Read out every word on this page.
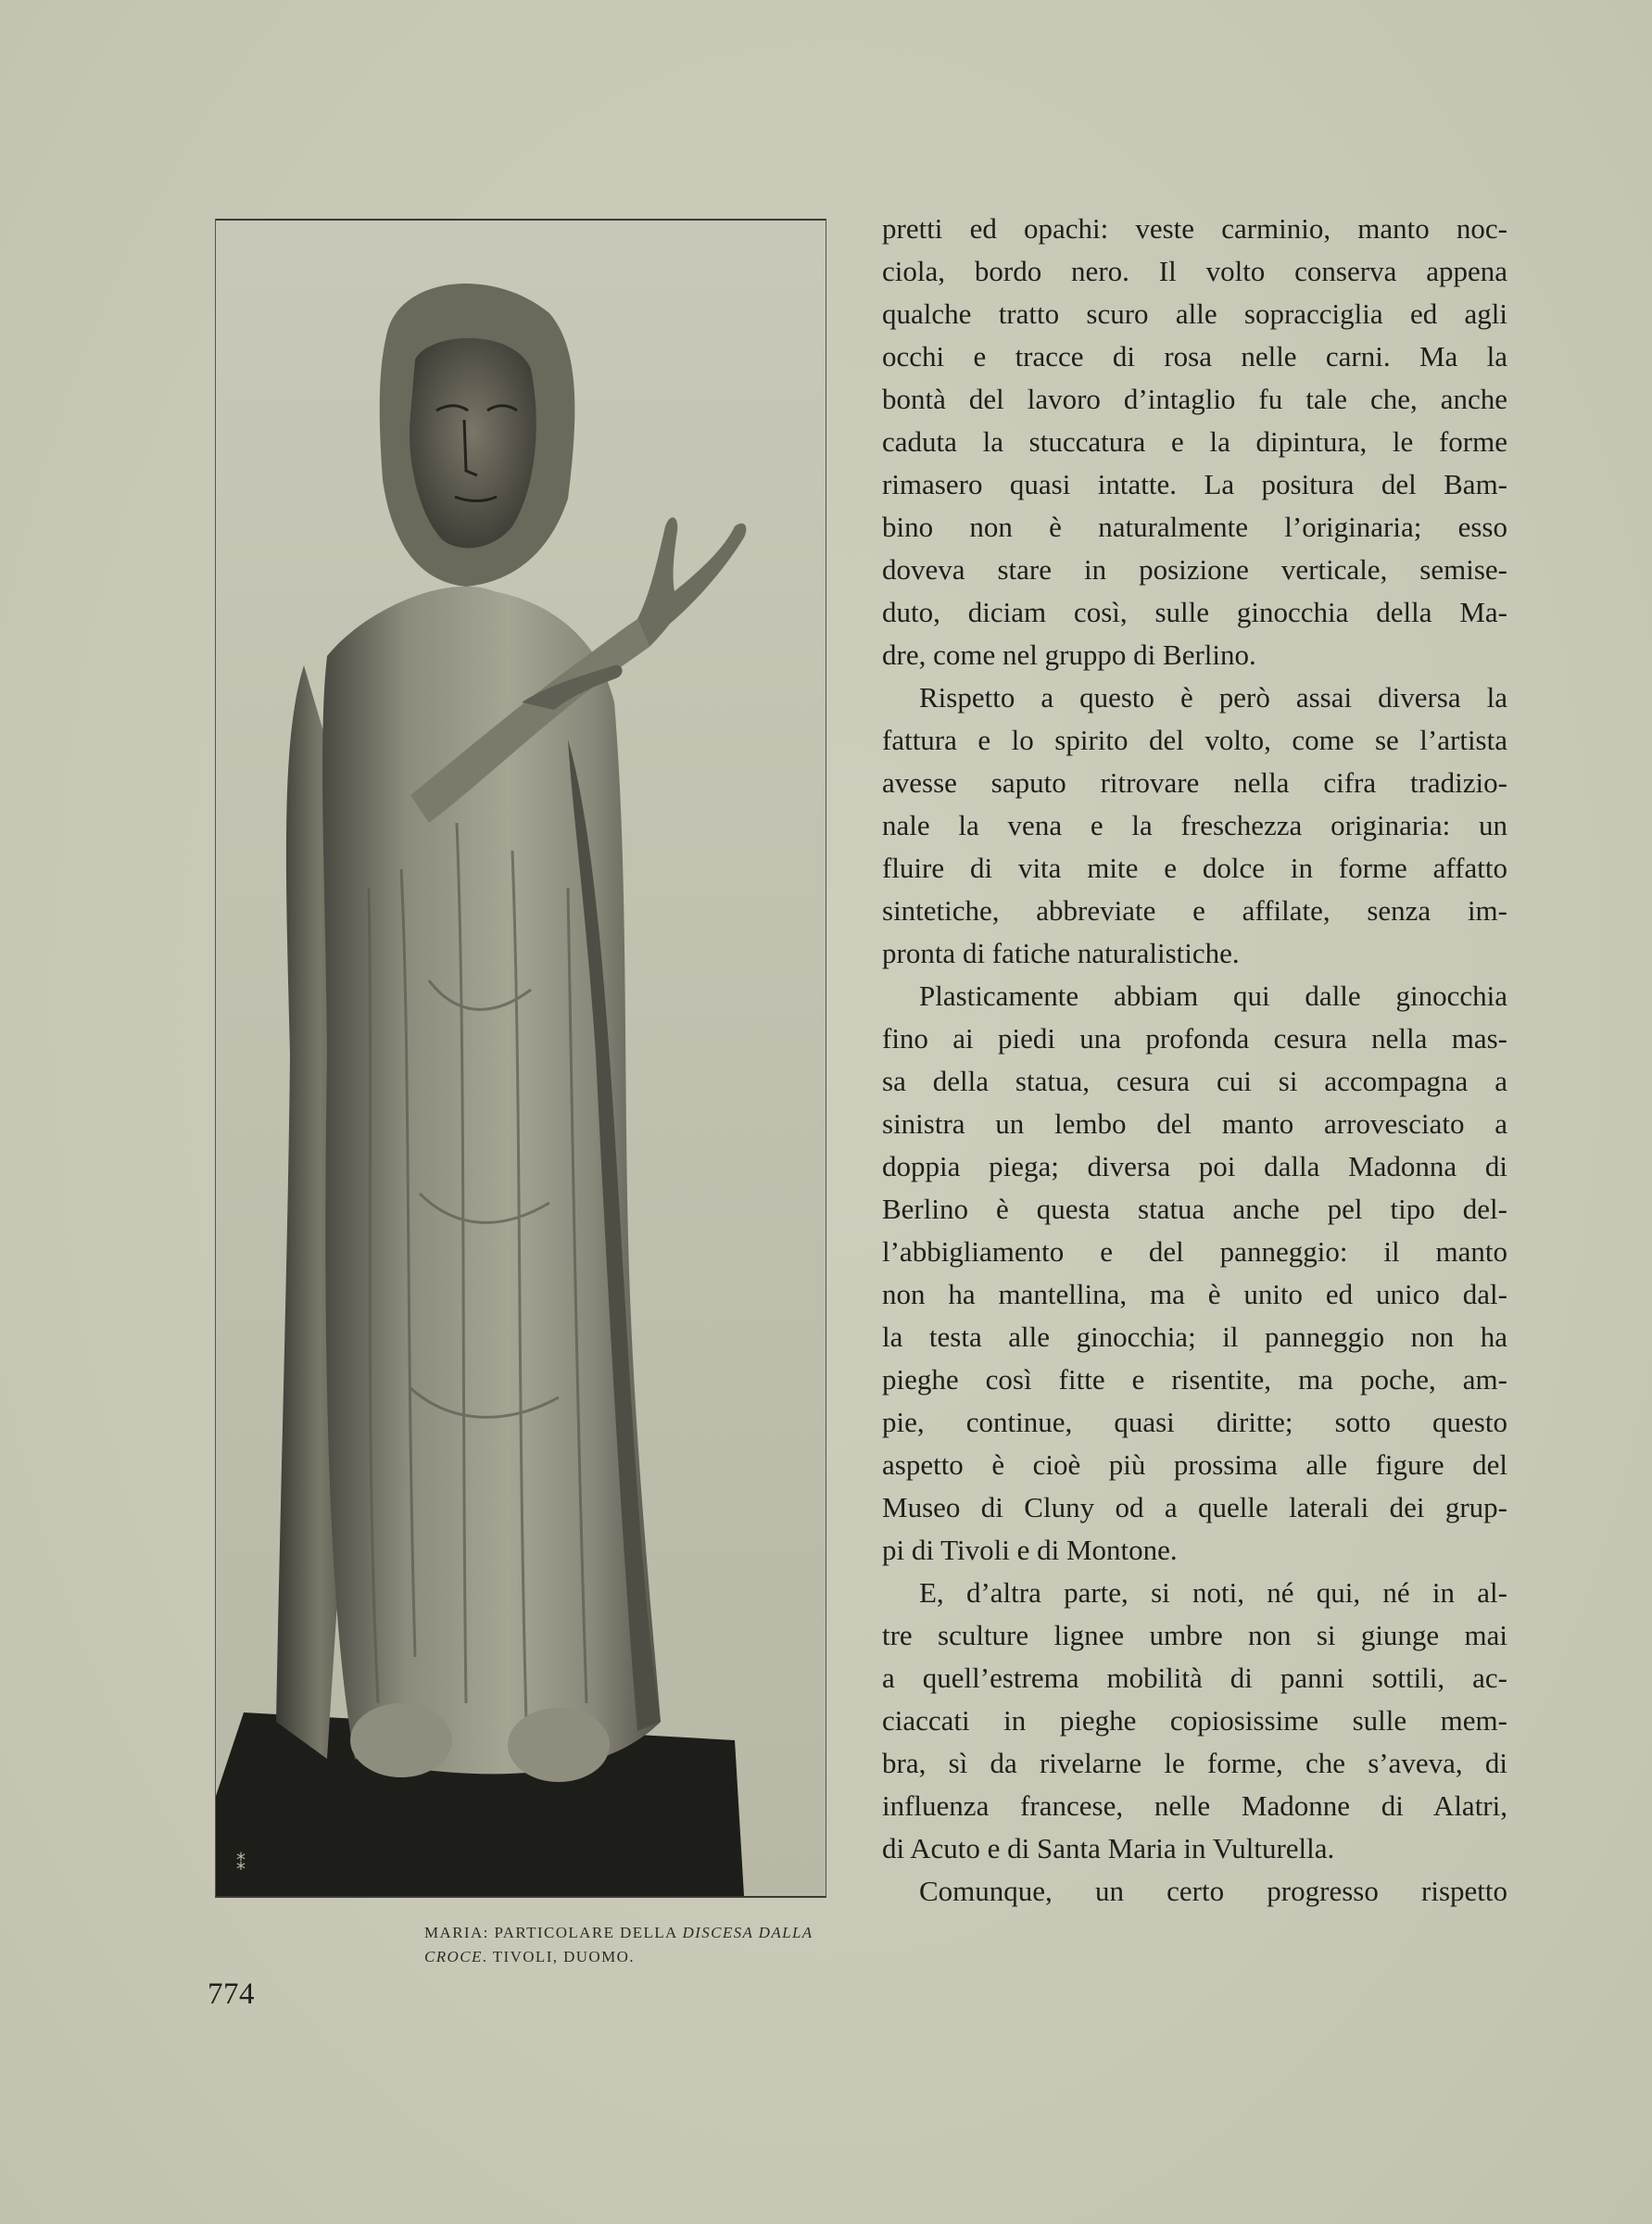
⁑
MARIA: PARTICOLARE DELLA DISCESA DALLA CROCE. TIVOLI, DUOMO.
774
pretti ed opachi: veste carminio, manto noc-
ciola, bordo nero. Il volto conserva appena
qualche tratto scuro alle sopracciglia ed agli
occhi e tracce di rosa nelle carni. Ma la
bontà del lavoro d’intaglio fu tale che, anche
caduta la stuccatura e la dipintura, le forme
rimasero quasi intatte. La positura del Bam-
bino non è naturalmente l’originaria; esso
doveva stare in posizione verticale, semise-
duto, diciam così, sulle ginocchia della Ma-
dre, come nel gruppo di Berlino.
Rispetto a questo è però assai diversa la
fattura e lo spirito del volto, come se l’artista
avesse saputo ritrovare nella cifra tradizio-
nale la vena e la freschezza originaria: un
fluire di vita mite e dolce in forme affatto
sintetiche, abbreviate e affilate, senza im-
pronta di fatiche naturalistiche.
Plasticamente abbiam qui dalle ginocchia
fino ai piedi una profonda cesura nella mas-
sa della statua, cesura cui si accompagna a
sinistra un lembo del manto arrovesciato a
doppia piega; diversa poi dalla Madonna di
Berlino è questa statua anche pel tipo del-
l’abbigliamento e del panneggio: il manto
non ha mantellina, ma è unito ed unico dal-
la testa alle ginocchia; il panneggio non ha
pieghe così fitte e risentite, ma poche, am-
pie, continue, quasi diritte; sotto questo
aspetto è cioè più prossima alle figure del
Museo di Cluny od a quelle laterali dei grup-
pi di Tivoli e di Montone.
E, d’altra parte, si noti, né qui, né in al-
tre sculture lignee umbre non si giunge mai
a quell’estrema mobilità di panni sottili, ac-
ciaccati in pieghe copiosissime sulle mem-
bra, sì da rivelarne le forme, che s’aveva, di
influenza francese, nelle Madonne di Alatri,
di Acuto e di Santa Maria in Vulturella.
Comunque, un certo progresso rispetto
